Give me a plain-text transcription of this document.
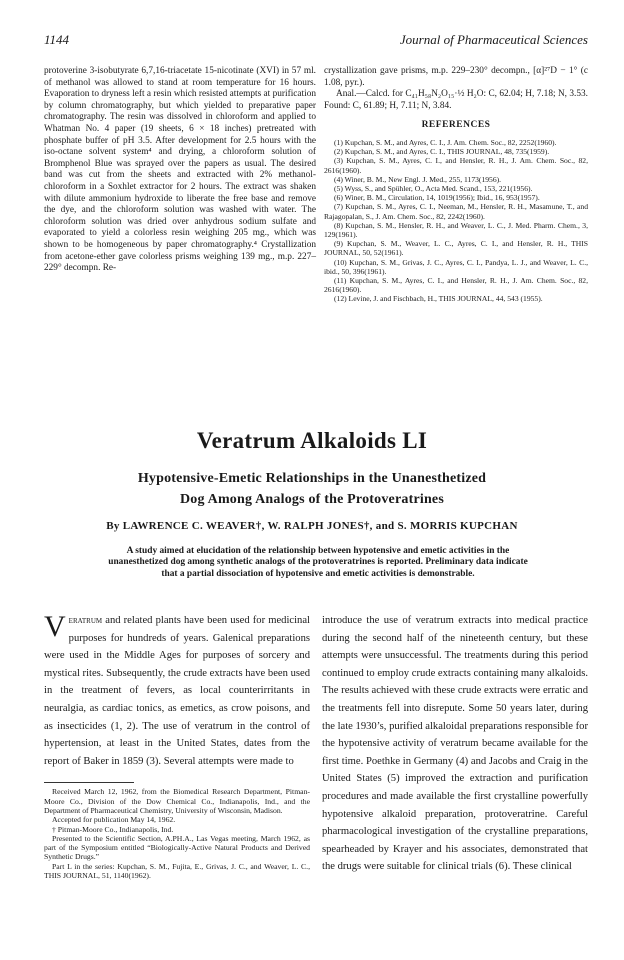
1144	Journal of Pharmaceutical Sciences

protoverine 3-isobutyrate 6,7,16-triacetate 15-nicotinate (XVI) in 57 ml. of methanol was allowed to stand at room temperature for 16 hours. Evaporation to dryness left a resin which resisted attempts at purification by column chromatography, but which yielded to preparative paper chromatography. The resin was dissolved in chloroform and applied to Whatman No. 4 paper (19 sheets, 6 × 18 inches) pretreated with phosphate buffer of pH 3.5. After development for 2.5 hours with the iso-octane solvent system⁴ and drying, a chloroform solution of Bromphenol Blue was sprayed over the papers as usual. The desired band was cut from the sheets and extracted with 2% methanol-chloroform in a Soxhlet extractor for 2 hours. The extract was shaken with dilute ammonium hydroxide to liberate the free base and remove the dye, and the chloroform solution was washed with water. The chloroform solution was dried over anhydrous sodium sulfate and evaporated to yield a colorless resin weighing 205 mg., which was shown to be homogeneous by paper chromatography.⁴ Crystallization from acetone-ether gave colorless prisms weighing 139 mg., m.p. 227–229° decompn. Re-

crystallization gave prisms, m.p. 229–230° decompn., [α]²⁷D − 1° (c 1.08, pyr.).

Anal.—Calcd. for C₄₁H₅₈N₂O₁₅·½ H₂O: C, 62.04; H, 7.18; N, 3.53. Found: C, 61.89; H, 7.11; N, 3.84.

REFERENCES

(1) Kupchan, S. M., and Ayres, C. I., J. Am. Chem. Soc., 82, 2252(1960).

(2) Kupchan, S. M., and Ayres, C. I., THIS JOURNAL, 48, 735(1959).

(3) Kupchan, S. M., Ayres, C. I., and Hensler, R. H., J. Am. Chem. Soc., 82, 2616(1960).

(4) Winer, B. M., New Engl. J. Med., 255, 1173(1956).

(5) Wyss, S., and Spühler, O., Acta Med. Scand., 153, 221(1956).

(6) Winer, B. M., Circulation, 14, 1019(1956); Ibid., 16, 953(1957).

(7) Kupchan, S. M., Ayres, C. I., Neeman, M., Hensler, R. H., Masamune, T., and Rajagopalan, S., J. Am. Chem. Soc., 82, 2242(1960).

(8) Kupchan, S. M., Hensler, R. H., and Weaver, L. C., J. Med. Pharm. Chem., 3, 129(1961).

(9) Kupchan, S. M., Weaver, L. C., Ayres, C. I., and Hensler, R. H., THIS JOURNAL, 50, 52(1961).

(10) Kupchan, S. M., Grivas, J. C., Ayres, C. I., Pandya, L. J., and Weaver, L. C., ibid., 50, 396(1961).

(11) Kupchan, S. M., Ayres, C. I., and Hensler, R. H., J. Am. Chem. Soc., 82, 2616(1960).

(12) Levine, J. and Fischbach, H., THIS JOURNAL, 44, 543 (1955).

Veratrum Alkaloids LI
Hypotensive-Emetic Relationships in the Unanesthetized
Dog Among Analogs of the Protoveratrines
By LAWRENCE C. WEAVER†, W. RALPH JONES†, and S. MORRIS KUPCHAN

A study aimed at elucidation of the relationship between hypotensive and emetic activities in the unanesthetized dog among synthetic analogs of the protoveratrines is reported. Preliminary data indicate that a partial dissociation of hypotensive and emetic activities is demonstrable.

Veratrum and related plants have been used for medicinal purposes for hundreds of years. Galenical preparations were used in the Middle Ages for purposes of sorcery and mystical rites. Subsequently, the crude extracts have been used in the treatment of fevers, as local counterirritants in neuralgia, as cardiac tonics, as emetics, as crow poisons, and as insecticides (1, 2). The use of veratrum in the control of hypertension, at least in the United States, dates from the report of Baker in 1859 (3). Several attempts were made to

Received March 12, 1962, from the Biomedical Research Department, Pitman-Moore Co., Division of the Dow Chemical Co., Indianapolis, Ind., and the Department of Pharmaceutical Chemistry, University of Wisconsin, Madison.

Accepted for publication May 14, 1962.

† Pitman-Moore Co., Indianapolis, Ind.

Presented to the Scientific Section, A.PH.A., Las Vegas meeting, March 1962, as part of the Symposium entitled “Biologically-Active Natural Products and Derived Synthetic Drugs.”

Part L in the series: Kupchan, S. M., Fujita, E., Grivas, J. C., and Weaver, L. C., THIS JOURNAL, 51, 1140(1962).

introduce the use of veratrum extracts into medical practice during the second half of the nineteenth century, but these attempts were unsuccessful. The treatments during this period continued to employ crude extracts containing many alkaloids. The results achieved with these crude extracts were erratic and the treatments fell into disrepute. Some 50 years later, during the late 1930’s, purified alkaloidal preparations responsible for the hypotensive activity of veratrum became available for the first time. Poethke in Germany (4) and Jacobs and Craig in the United States (5) improved the extraction and purification procedures and made available the first crystalline powerfully hypotensive alkaloid preparation, protoveratrine. Careful pharmacological investigation of the crystalline preparations, spearheaded by Krayer and his associates, demonstrated that the drugs were suitable for clinical trials (6). These clinical
